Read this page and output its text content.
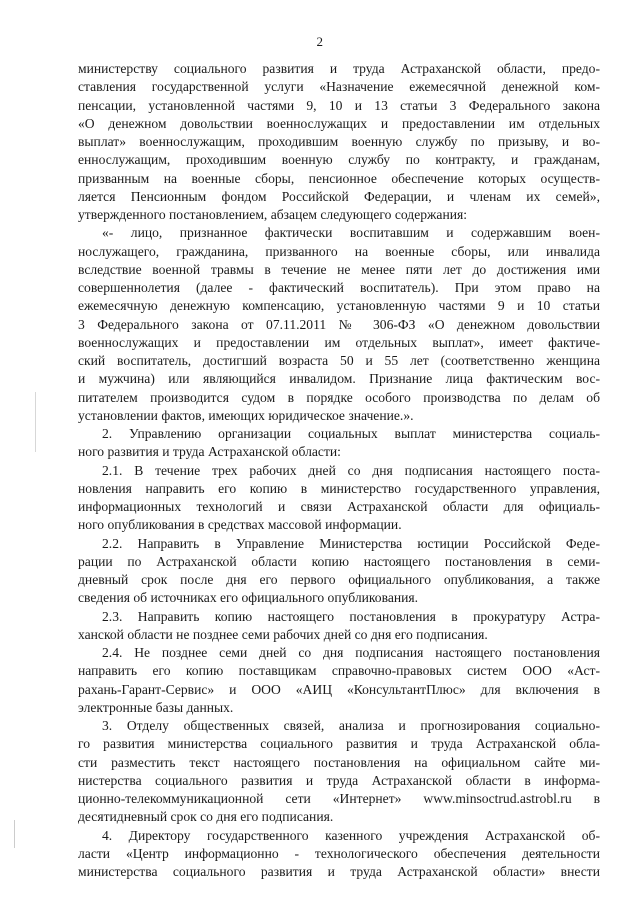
2
министерству социального развития и труда Астраханской области, предо-
ставления государственной услуги «Назначение ежемесячной денежной ком-
пенсации, установленной частями 9, 10 и 13 статьи 3 Федерального закона
«О денежном довольствии военнослужащих и предоставлении им отдельных
выплат» военнослужащим, проходившим военную службу по призыву, и во-
еннослужащим, проходившим военную службу по контракту, и гражданам,
призванным на военные сборы, пенсионное обеспечение которых осуществ-
ляется Пенсионным фондом Российской Федерации, и членам их семей»,
утвержденного постановлением, абзацем следующего содержания:
«- лицо, признанное фактически воспитавшим и содержавшим воен-
нослужащего, гражданина, призванного на военные сборы, или инвалида
вследствие военной травмы в течение не менее пяти лет до достижения ими
совершеннолетия (далее - фактический воспитатель). При этом право на
ежемесячную денежную компенсацию, установленную частями 9 и 10 статьи
3 Федерального закона от 07.11.2011 № 306-ФЗ «О денежном довольствии
военнослужащих и предоставлении им отдельных выплат», имеет фактиче-
ский воспитатель, достигший возраста 50 и 55 лет (соответственно женщина
и мужчина) или являющийся инвалидом. Признание лица фактическим вос-
питателем производится судом в порядке особого производства по делам об
установлении фактов, имеющих юридическое значение.».
2. Управлению организации социальных выплат министерства социаль-
ного развития и труда Астраханской области:
2.1. В течение трех рабочих дней со дня подписания настоящего поста-
новления направить его копию в министерство государственного управления,
информационных технологий и связи Астраханской области для официаль-
ного опубликования в средствах массовой информации.
2.2. Направить в Управление Министерства юстиции Российской Феде-
рации по Астраханской области копию настоящего постановления в семи-
дневный срок после дня его первого официального опубликования, а также
сведения об источниках его официального опубликования.
2.3. Направить копию настоящего постановления в прокуратуру Астра-
ханской области не позднее семи рабочих дней со дня его подписания.
2.4. Не позднее семи дней со дня подписания настоящего постановления
направить его копию поставщикам справочно-правовых систем ООО «Аст-
рахань-Гарант-Сервис» и ООО «АИЦ «КонсультантПлюс» для включения в
электронные базы данных.
3. Отделу общественных связей, анализа и прогнозирования социально-
го развития министерства социального развития и труда Астраханской обла-
сти разместить текст настоящего постановления на официальном сайте ми-
нистерства социального развития и труда Астраханской области в информа-
ционно-телекоммуникационной сети «Интернет» www.minsoctrud.astrobl.ru в
десятидневный срок со дня его подписания.
4. Директору государственного казенного учреждения Астраханской об-
ласти «Центр информационно - технологического обеспечения деятельности
министерства социального развития и труда Астраханской области» внести
